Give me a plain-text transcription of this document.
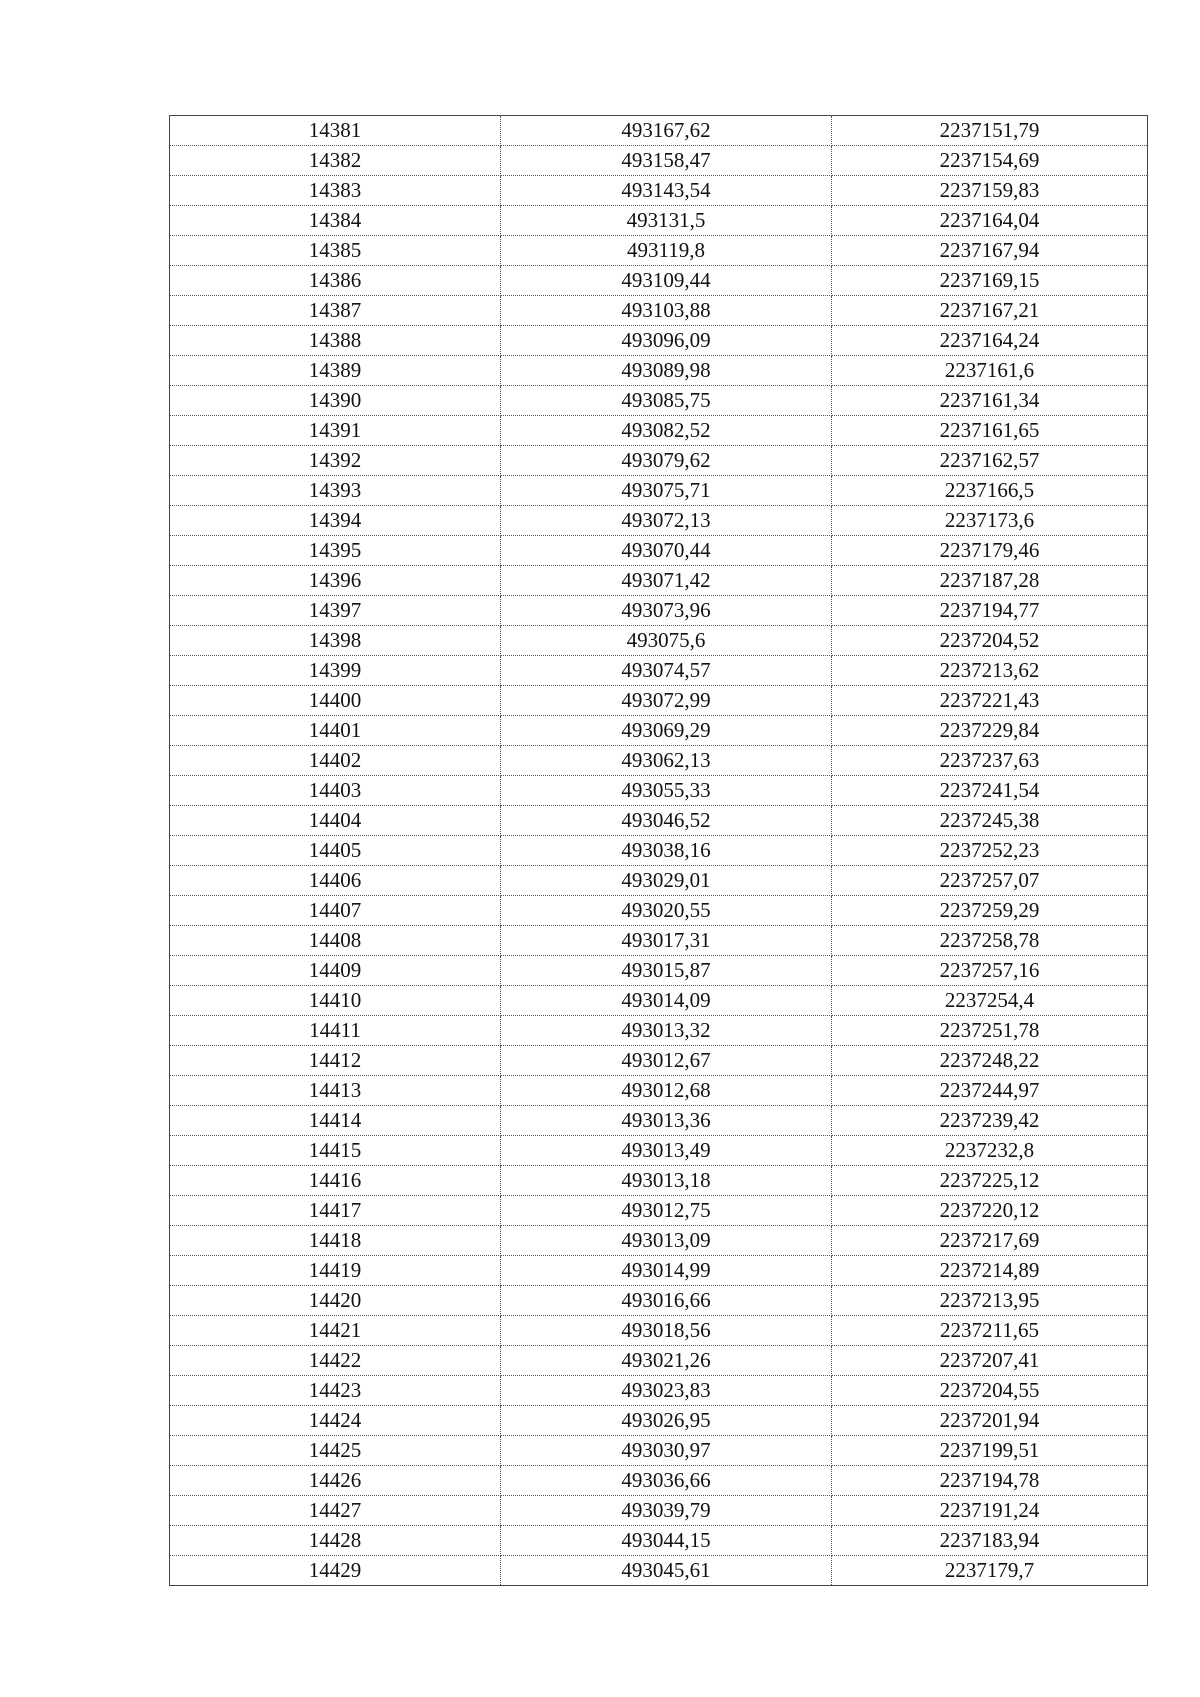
14381	493167,62	2237151,79
14382	493158,47	2237154,69
14383	493143,54	2237159,83
14384	493131,5	2237164,04
14385	493119,8	2237167,94
14386	493109,44	2237169,15
14387	493103,88	2237167,21
14388	493096,09	2237164,24
14389	493089,98	2237161,6
14390	493085,75	2237161,34
14391	493082,52	2237161,65
14392	493079,62	2237162,57
14393	493075,71	2237166,5
14394	493072,13	2237173,6
14395	493070,44	2237179,46
14396	493071,42	2237187,28
14397	493073,96	2237194,77
14398	493075,6	2237204,52
14399	493074,57	2237213,62
14400	493072,99	2237221,43
14401	493069,29	2237229,84
14402	493062,13	2237237,63
14403	493055,33	2237241,54
14404	493046,52	2237245,38
14405	493038,16	2237252,23
14406	493029,01	2237257,07
14407	493020,55	2237259,29
14408	493017,31	2237258,78
14409	493015,87	2237257,16
14410	493014,09	2237254,4
14411	493013,32	2237251,78
14412	493012,67	2237248,22
14413	493012,68	2237244,97
14414	493013,36	2237239,42
14415	493013,49	2237232,8
14416	493013,18	2237225,12
14417	493012,75	2237220,12
14418	493013,09	2237217,69
14419	493014,99	2237214,89
14420	493016,66	2237213,95
14421	493018,56	2237211,65
14422	493021,26	2237207,41
14423	493023,83	2237204,55
14424	493026,95	2237201,94
14425	493030,97	2237199,51
14426	493036,66	2237194,78
14427	493039,79	2237191,24
14428	493044,15	2237183,94
14429	493045,61	2237179,7
